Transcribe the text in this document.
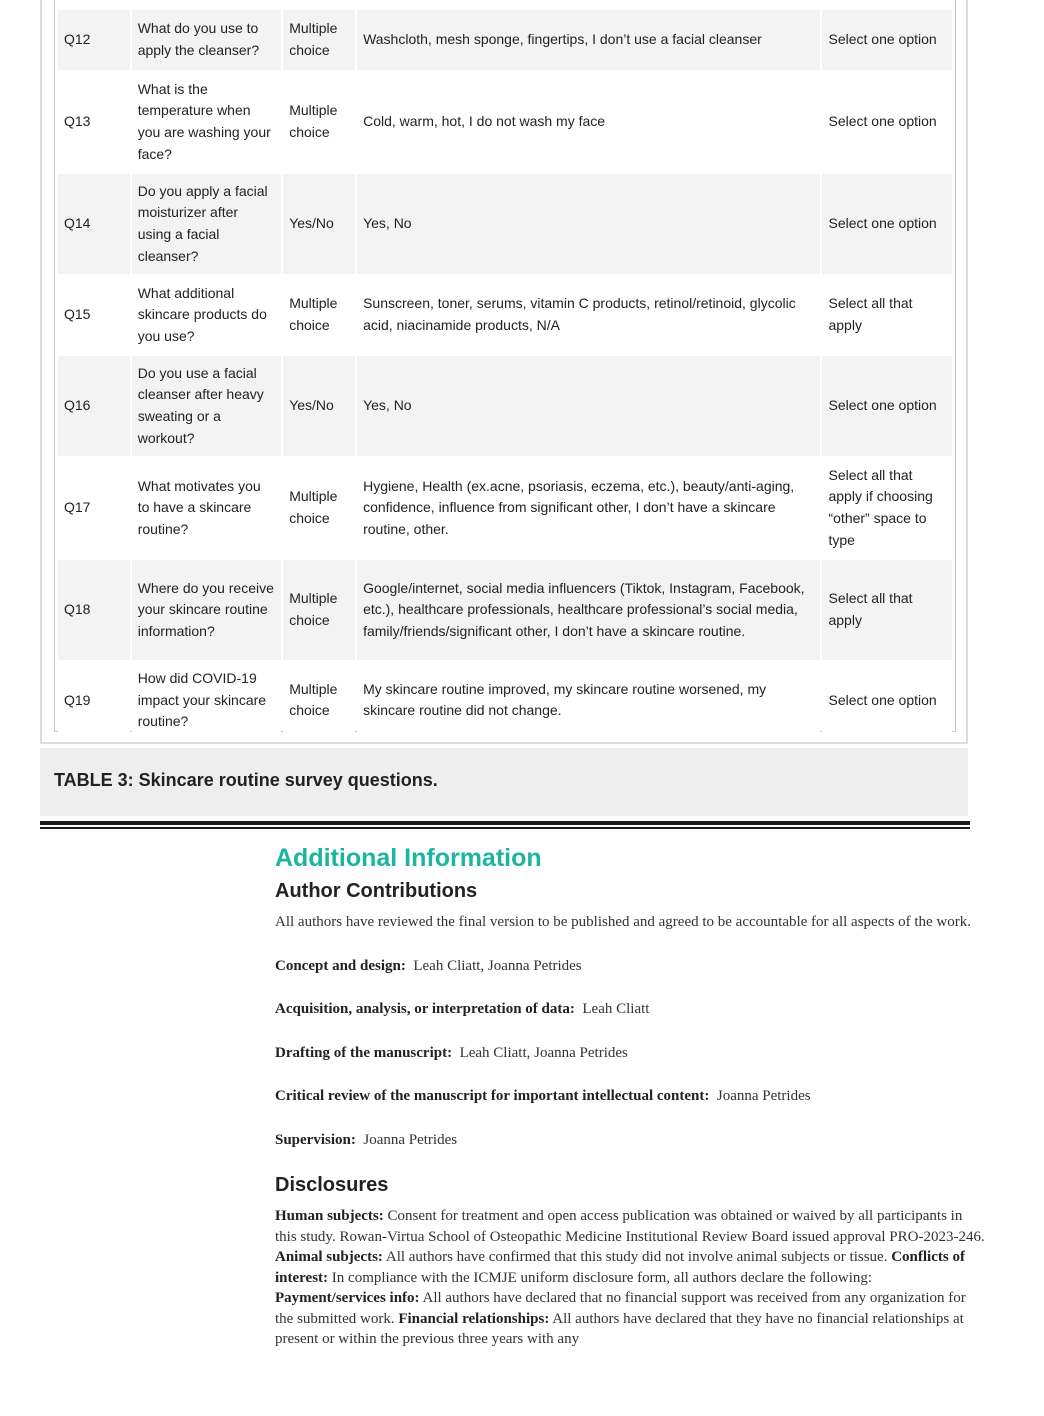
Q12	What do you use to apply the cleanser?	Multiple choice	Washcloth, mesh sponge, fingertips, I don’t use a facial cleanser	Select one option
Q13	What is the temperature when you are washing your face?	Multiple choice	Cold, warm, hot, I do not wash my face	Select one option
Q14	Do you apply a facial moisturizer after using a facial cleanser?	Yes/No	Yes, No	Select one option
Q15	What additional skincare products do you use?	Multiple choice	Sunscreen, toner, serums, vitamin C products, retinol/retinoid, glycolic acid, niacinamide products, N/A	Select all that apply
Q16	Do you use a facial cleanser after heavy sweating or a workout?	Yes/No	Yes, No	Select one option
Q17	What motivates you to have a skincare routine?	Multiple choice	Hygiene, Health (ex.acne, psoriasis, eczema, etc.), beauty/anti-aging, confidence, influence from significant other, I don’t have a skincare routine, other.	Select all that apply if choosing “other” space to type
Q18	Where do you receive your skincare routine information?	Multiple choice	Google/internet, social media influencers (Tiktok, Instagram, Facebook, etc.), healthcare professionals, healthcare professional’s social media, family/friends/significant other, I don’t have a skincare routine.	Select all that apply
Q19	How did COVID-19 impact your skincare routine?	Multiple choice	My skincare routine improved, my skincare routine worsened, my skincare routine did not change.	Select one option
TABLE 3: Skincare routine survey questions.
Additional Information
Author Contributions

All authors have reviewed the final version to be published and agreed to be accountable for all aspects of the work.

Concept and design: Leah Cliatt, Joanna Petrides

Acquisition, analysis, or interpretation of data: Leah Cliatt

Drafting of the manuscript: Leah Cliatt, Joanna Petrides

Critical review of the manuscript for important intellectual content: Joanna Petrides

Supervision: Joanna Petrides

Disclosures

Human subjects: Consent for treatment and open access publication was obtained or waived by all participants in this study. Rowan-Virtua School of Osteopathic Medicine Institutional Review Board issued approval PRO-2023-246. Animal subjects: All authors have confirmed that this study did not involve animal subjects or tissue. Conflicts of interest: In compliance with the ICMJE uniform disclosure form, all authors declare the following: Payment/services info: All authors have declared that no financial support was received from any organization for the submitted work. Financial relationships: All authors have declared that they have no financial relationships at present or within the previous three years with any
